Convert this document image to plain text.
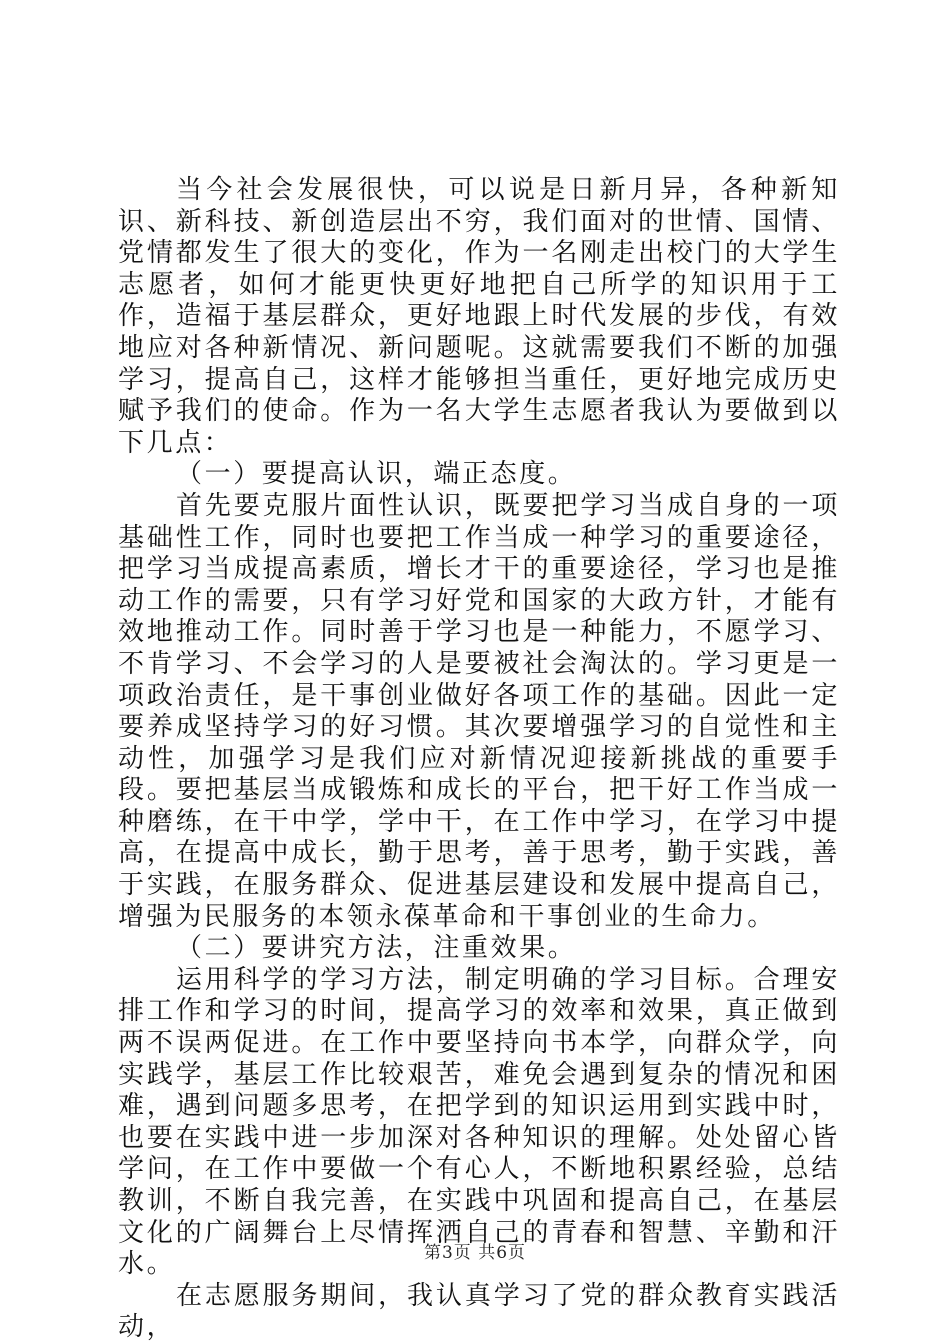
当今社会发展很快，可以说是日新月异，各种新知识、新科技、新创造层出不穷，我们面对的世情、国情、党情都发生了很大的变化，作为一名刚走出校门的大学生志愿者，如何才能更快更好地把自己所学的知识用于工作，造福于基层群众，更好地跟上时代发展的步伐，有效地应对各种新情况、新问题呢。这就需要我们不断的加强学习，提高自己，这样才能够担当重任，更好地完成历史赋予我们的使命。作为一名大学生志愿者我认为要做到以下几点：

（一）要提高认识，端正态度。

首先要克服片面性认识，既要把学习当成自身的一项基础性工作，同时也要把工作当成一种学习的重要途径，把学习当成提高素质，增长才干的重要途径，学习也是推动工作的需要，只有学习好党和国家的大政方针，才能有效地推动工作。同时善于学习也是一种能力，不愿学习、不肯学习、不会学习的人是要被社会淘汰的。学习更是一项政治责任，是干事创业做好各项工作的基础。因此一定要养成坚持学习的好习惯。其次要增强学习的自觉性和主动性，加强学习是我们应对新情况迎接新挑战的重要手段。要把基层当成锻炼和成长的平台，把干好工作当成一种磨练，在干中学，学中干，在工作中学习，在学习中提高，在提高中成长，勤于思考，善于思考，勤于实践，善于实践，在服务群众、促进基层建设和发展中提高自己，增强为民服务的本领永葆革命和干事创业的生命力。

（二）要讲究方法，注重效果。

运用科学的学习方法，制定明确的学习目标。合理安排工作和学习的时间，提高学习的效率和效果，真正做到两不误两促进。在工作中要坚持向书本学，向群众学，向实践学，基层工作比较艰苦，难免会遇到复杂的情况和困难，遇到问题多思考，在把学到的知识运用到实践中时，也要在实践中进一步加深对各种知识的理解。处处留心皆学问，在工作中要做一个有心人，不断地积累经验，总结教训，不断自我完善，在实践中巩固和提高自己，在基层文化的广阔舞台上尽情挥洒自己的青春和智慧、辛勤和汗水。

在志愿服务期间，我认真学习了党的群众教育实践活动，

第3页 共6页
